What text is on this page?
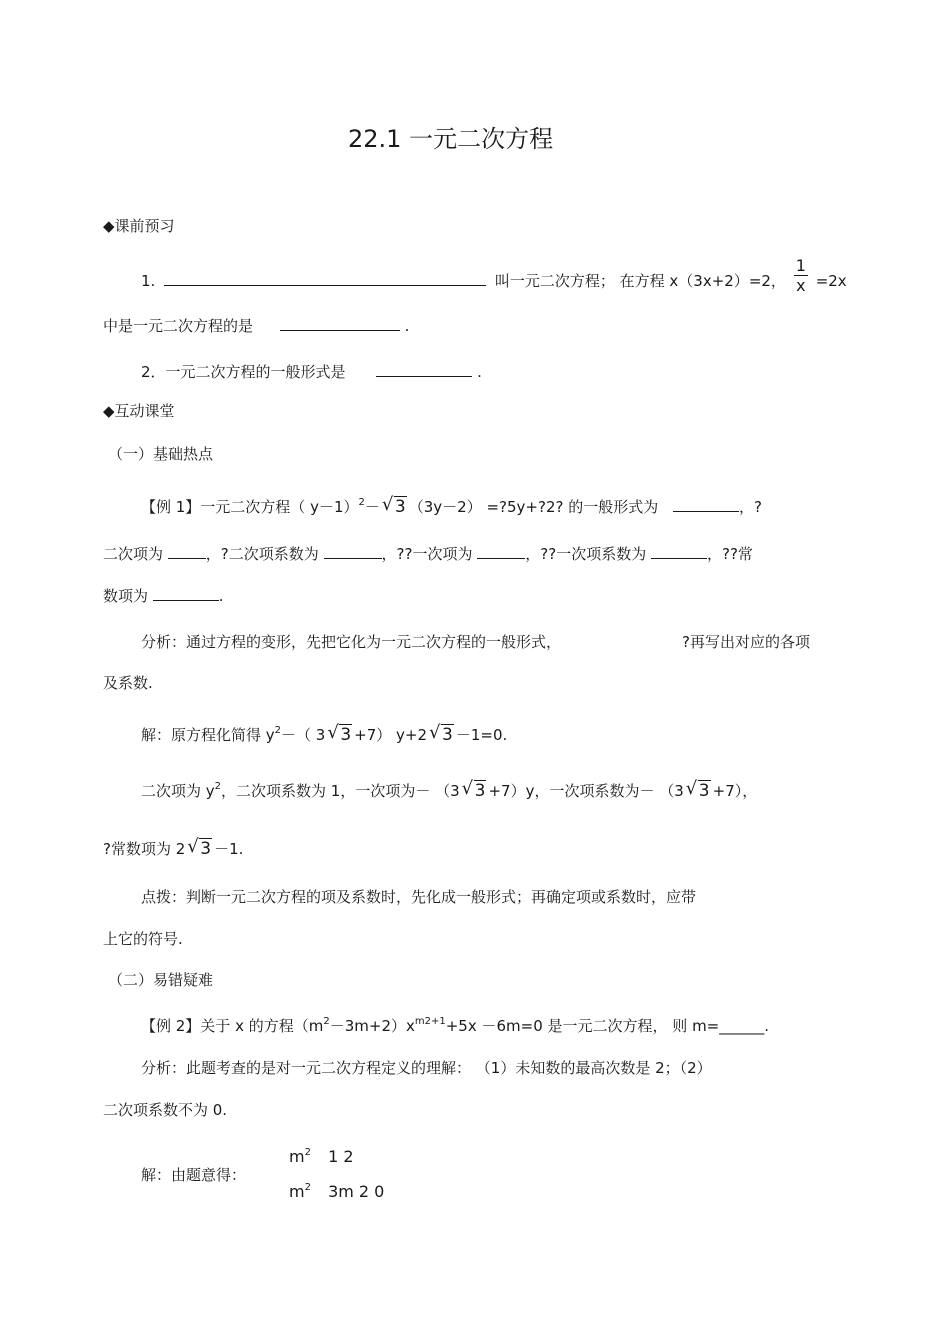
22.1 一元二次方程
◆课前预习
1.	叫一元二次方程； 在方程 x（3x+2）=2， $\frac{1}{x} =2x$
中是一元二次方程的是	.
2．一元二次方程的一般形式是	.
◆互动课堂
（一）基础热点
【例 1】一元二次方程（ y－1）$^2$－ √ 3 （3y－2） =?5y+?2? 的一般形式为	，?
二次项为	，?二次项系数为	，??一次项为	，??一次项系数为	，??常
数项为	.
分析：通过方程的变形，先把它化为一元二次方程的一般形式，	?再写出对应的各项
及系数.
解：原方程化简得 $y^2-$（ 3 √ 3 +7） y+2 √ 3 －1=0.
二次项为 $y^2$，二次项系数为 1，一次项为－ （3 √ 3 +7）y，一次项系数为－ （3 √ 3 +7），
?常数项为 2 √ 3 －1.
点拨：判断一元二次方程的项及系数时，先化成一般形式；再确定项或系数时，应带
上它的符号.
（二）易错疑难
【例 2】关于 x 的方程$(m^2-3m+2)x^{m2+1}+5x -6m=0$ 是一元二次方程， 则 m=______.
分析：此题考查的是对一元二次方程定义的理解： （1）未知数的最高次数是 2；（2）
二次项系数不为 0.
解：由题意得：
$m^2$ 1 2
$m^2$ 3m 2 0
